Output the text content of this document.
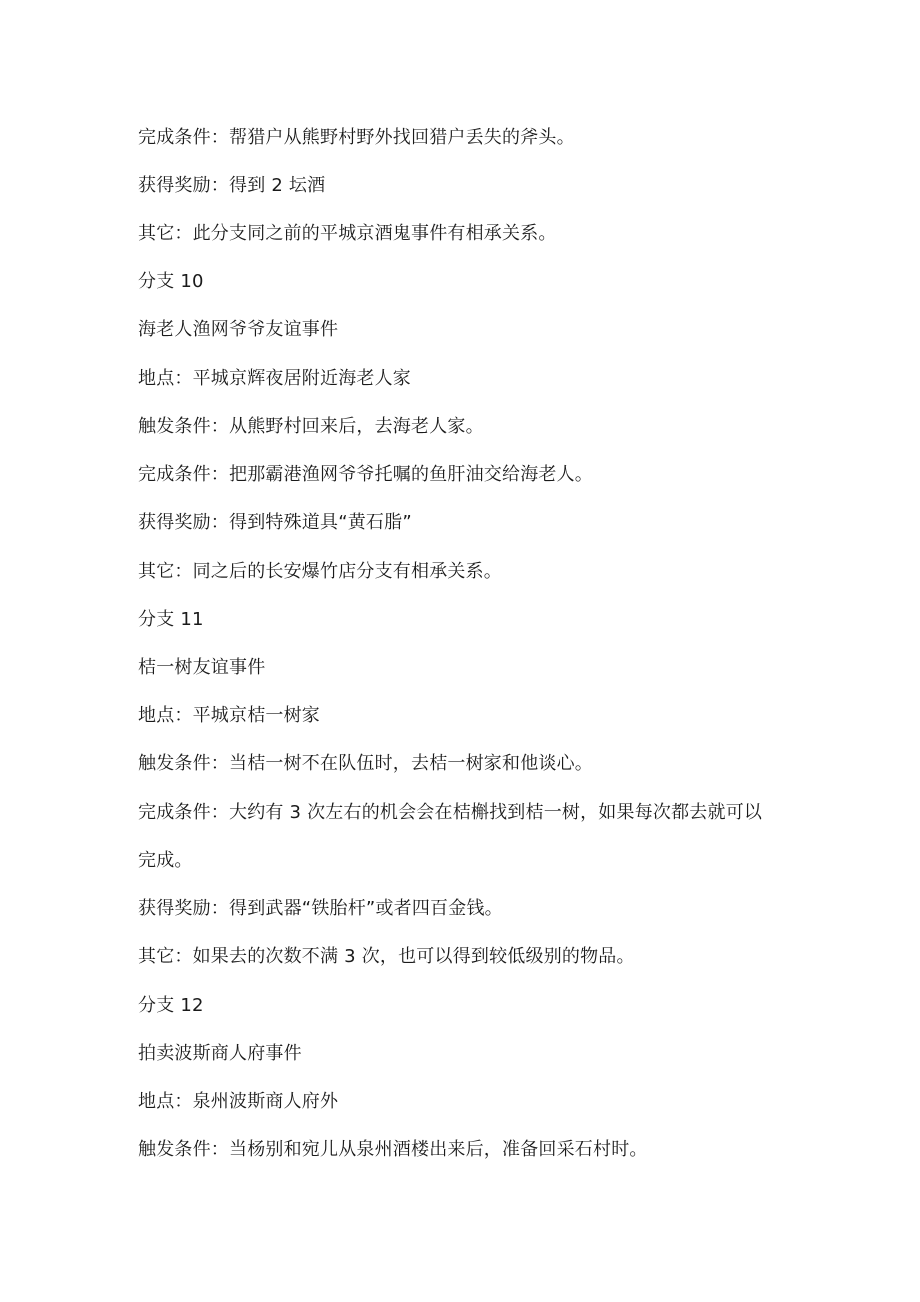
完成条件：帮猎户从熊野村野外找回猎户丢失的斧头。
获得奖励：得到 2 坛酒
其它：此分支同之前的平城京酒鬼事件有相承关系。
分支 10
海老人渔网爷爷友谊事件
地点：平城京辉夜居附近海老人家
触发条件：从熊野村回来后，去海老人家。
完成条件：把那霸港渔网爷爷托嘱的鱼肝油交给海老人。
获得奖励：得到特殊道具“黄石脂”
其它：同之后的长安爆竹店分支有相承关系。
分支 11
桔一树友谊事件
地点：平城京桔一树家
触发条件：当桔一树不在队伍时，去桔一树家和他谈心。
完成条件：大约有 3 次左右的机会会在桔槲找到桔一树，如果每次都去就可以
完成。
获得奖励：得到武器“铁胎杆”或者四百金钱。
其它：如果去的次数不满 3 次，也可以得到较低级别的物品。
分支 12
拍卖波斯商人府事件
地点：泉州波斯商人府外
触发条件：当杨别和宛儿从泉州酒楼出来后，准备回采石村时。
